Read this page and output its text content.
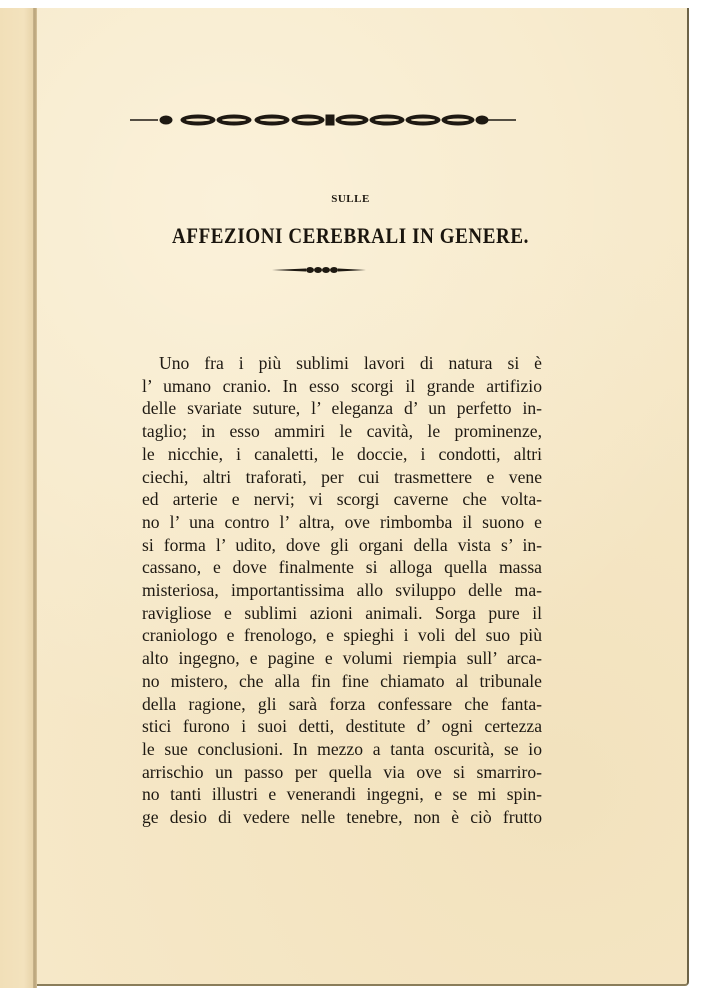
SULLE
AFFEZIONI CEREBRALI IN GENERE.
Uno fra i più sublimi lavori di natura si è
l’ umano cranio. In esso scorgi il grande artifizio
delle svariate suture, l’ eleganza d’ un perfetto in-
taglio; in esso ammiri le cavità, le prominenze,
le nicchie, i canaletti, le doccie, i condotti, altri
ciechi, altri traforati, per cui trasmettere e vene
ed arterie e nervi; vi scorgi caverne che volta-
no l’ una contro l’ altra, ove rimbomba il suono e
si forma l’ udito, dove gli organi della vista s’ in-
cassano, e dove finalmente si alloga quella massa
misteriosa, importantissima allo sviluppo delle ma-
ravigliose e sublimi azioni animali. Sorga pure il
craniologo e frenologo, e spieghi i voli del suo più
alto ingegno, e pagine e volumi riempia sull’ arca-
no mistero, che alla fin fine chiamato al tribunale
della ragione, gli sarà forza confessare che fanta-
stici furono i suoi detti, destitute d’ ogni certezza
le sue conclusioni. In mezzo a tanta oscurità, se io
arrischio un passo per quella via ove si smarriro-
no tanti illustri e venerandi ingegni, e se mi spin-
ge desio di vedere nelle tenebre, non è ciò frutto
